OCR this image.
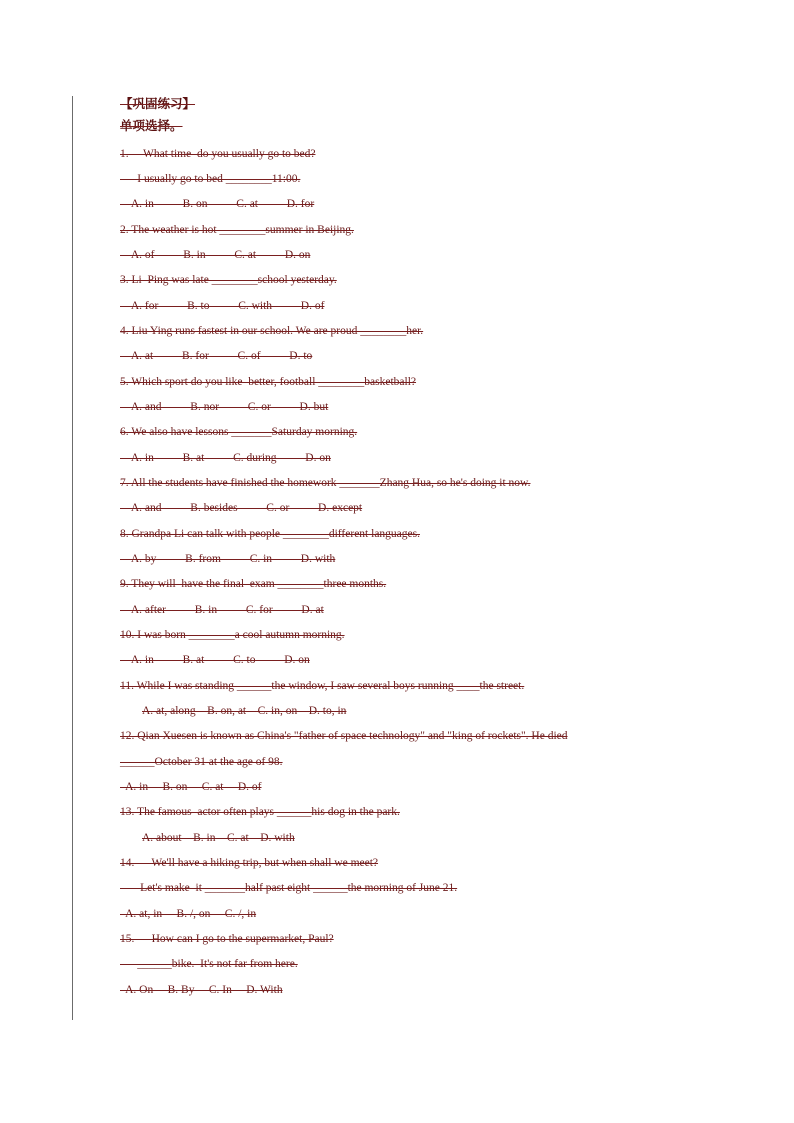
【巩固练习】
单项选择。
1. —What time  do you usually go to bed?
—I usually go to bed ________11:00.
A. in          B. on          C. at          D. for
2. The weather is hot ________summer in Beijing.
A. of          B. in          C. at          D. on
3. Li  Ping was late ________school yesterday.
A. for          B. to          C. with          D. of
4. Liu Ying runs fastest in our school. We are proud ________her.
A. at          B. for          C. of          D. to
5. Which sport do you like  better, football ________basketball?
A. and          B. nor          C. or          D. but
6. We also have lessons _______Saturday morning.
A. in          B. at          C. during          D. on
7. All the students have finished the homework _______Zhang Hua, so he's doing it now.
A. and          B. besides          C. or          D. except
8. Grandpa Li can talk with people ________different languages.
A. by          B. from          C. in          D. with
9. They will  have the final  exam ________three months.
A. after          B. in          C. for          D. at
10. I was born ________a cool autumn morning.
A. in          B. at          C. to          D. on
11. While I was standing ______the window, I saw several boys running ____the street.
A. at, along    B. on, at    C. in, on    D. to, in
12. Qian Xuesen is known as China's "father of space technology" and "king of rockets". He died
______October 31 at the age of 98.
A. in     B. on     C. at     D. of
13. The famous  actor often plays ______his dog in the park.
A. about    B. in    C. at    D. with
14. — We'll have a hiking trip, but when shall we meet?
— Let's make  it _______half past eight ______the morning of June 21.
A. at, in     B. /, on     C. /, in
15. — How can I go to the supermarket, Paul?
—______bike.  It's not far from here.
A. On     B. By     C. In     D. With
